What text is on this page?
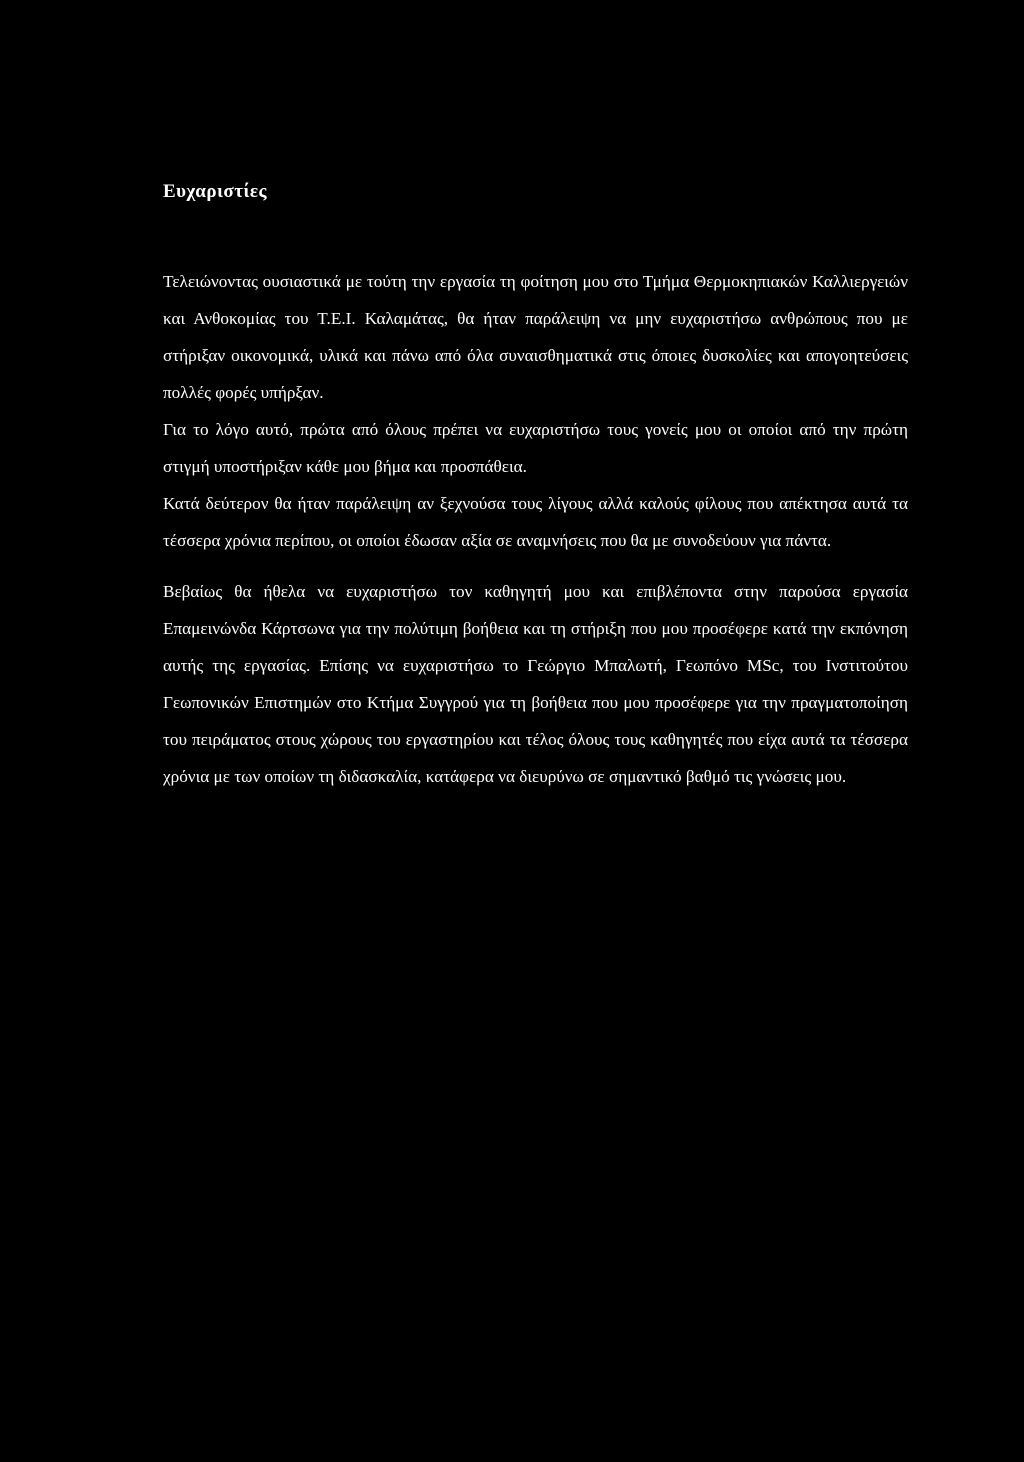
Ευχαριστίες

Τελειώνοντας ουσιαστικά με τούτη την εργασία τη φοίτηση μου στο Τμήμα Θερμοκηπιακών Καλλιεργειών και Ανθοκομίας του Τ.Ε.Ι. Καλαμάτας, θα ήταν παράλειψη να μην ευχαριστήσω ανθρώπους που με στήριξαν οικονομικά, υλικά και πάνω από όλα συναισθηματικά στις όποιες δυσκολίες και απογοητεύσεις πολλές φορές υπήρξαν.

Για το λόγο αυτό, πρώτα από όλους πρέπει να ευχαριστήσω τους γονείς μου οι οποίοι από την πρώτη στιγμή υποστήριξαν κάθε μου βήμα και προσπάθεια.

Κατά δεύτερον θα ήταν παράλειψη αν ξεχνούσα τους λίγους αλλά καλούς φίλους που απέκτησα αυτά τα τέσσερα χρόνια περίπου, οι οποίοι έδωσαν αξία σε αναμνήσεις που θα με συνοδεύουν για πάντα.

Βεβαίως θα ήθελα να ευχαριστήσω τον καθηγητή μου και επιβλέποντα στην παρούσα εργασία Επαμεινώνδα Κάρτσωνα για την πολύτιμη βοήθεια και τη στήριξη που μου προσέφερε κατά την εκπόνηση αυτής της εργασίας. Επίσης να ευχαριστήσω το Γεώργιο Μπαλωτή, Γεωπόνο MSc, του Ινστιτούτου Γεωπονικών Επιστημών στο Κτήμα Συγγρού για τη βοήθεια που μου προσέφερε για την πραγματοποίηση του πειράματος στους χώρους του εργαστηρίου και τέλος όλους τους καθηγητές που είχα αυτά τα τέσσερα χρόνια με των οποίων τη διδασκαλία, κατάφερα να διευρύνω σε σημαντικό βαθμό τις γνώσεις μου.
